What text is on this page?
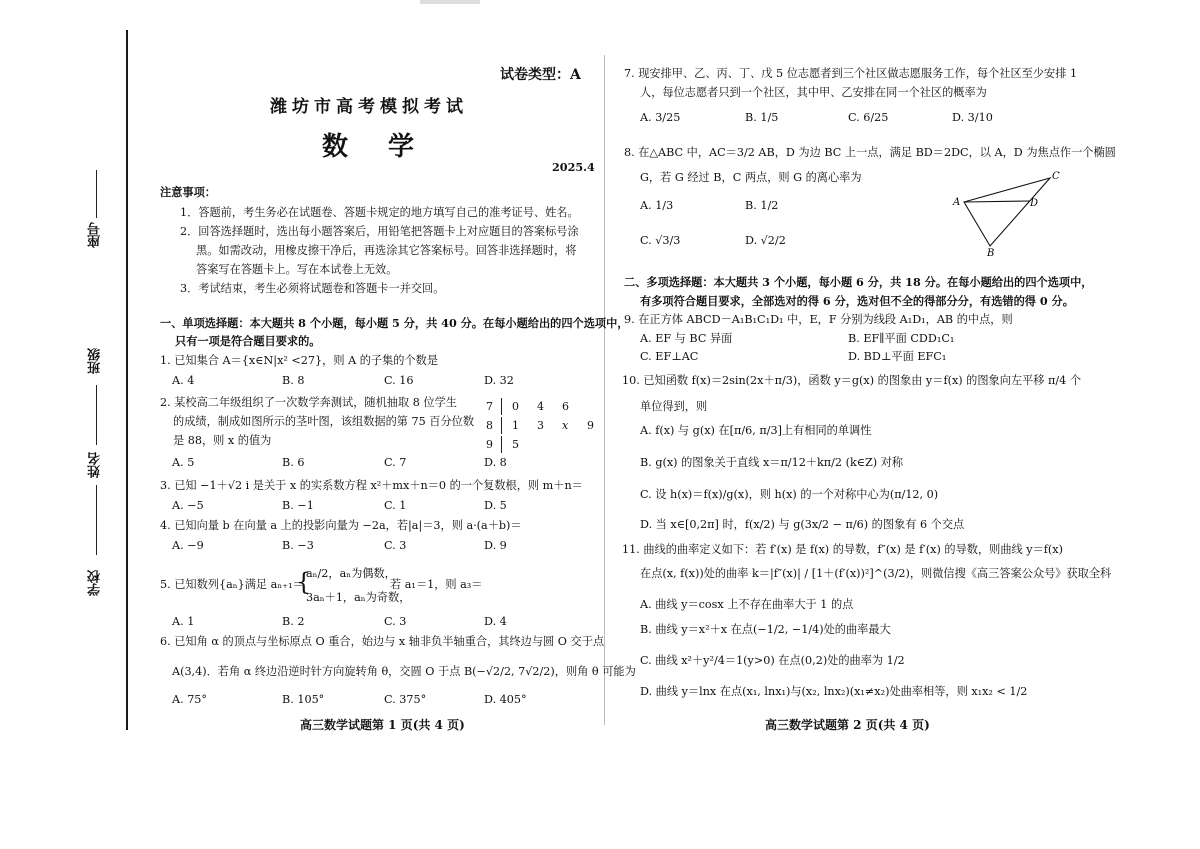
座号
班级
姓名
学校
试卷类型：A
潍坊市高考模拟考试
数学
2025.4
注意事项：
1．答题前，考生务必在试题卷、答题卡规定的地方填写自己的准考证号、姓名。
2．回答选择题时，选出每小题答案后，用铅笔把答题卡上对应题目的答案标号涂
黑。如需改动，用橡皮擦干净后，再选涂其它答案标号。回答非选择题时，将
答案写在答题卡上。写在本试卷上无效。
3．考试结束，考生必须将试题卷和答题卡一并交回。
一、单项选择题：本大题共 8 个小题，每小题 5 分，共 40 分。在每小题给出的四个选项中，
只有一项是符合题目要求的。
1. 已知集合 A＝{x∈N|x² <27}，则 A 的子集的个数是
A. 4	B. 8	C. 16	D. 32
2. 某校高二年级组织了一次数学奔测试，随机抽取 8 位学生
的成绩，制成如图所示的茎叶图，该组数据的第 75 百分位数
是 88，则 x 的值为
7	0	4	6	
8	1	3	x	9
9	5			
A. 5	B. 6	C. 7	D. 8
3. 已知 −1＋√2 i 是关于 x 的实系数方程 x²＋mx＋n＝0 的一个复数根，则 m＋n＝
A. −5	B. −1	C. 1	D. 5
4. 已知向量 b 在向量 a 上的投影向量为 −2a，若|a|＝3，则 a·(a＋b)＝
A. −9	B. −3	C. 3	D. 9
5. 已知数列{aₙ}满足 aₙ₊₁＝
{
aₙ/2，aₙ为偶数，
3aₙ＋1，aₙ为奇数，
若 a₁＝1，则 a₃＝
A. 1	B. 2	C. 3	D. 4
6. 已知角 α 的顶点与坐标原点 O 重合，始边与 x 轴非负半轴重合，其终边与圆 O 交于点
A(3,4)．若角 α 终边沿逆时针方向旋转角 θ，交圆 O 于点 B(−√2/2, 7√2/2)，则角 θ 可能为
A. 75°	B. 105°	C. 375°	D. 405°
高三数学试题第 1 页(共 4 页)
7. 现安排甲、乙、丙、丁、戊 5 位志愿者到三个社区做志愿服务工作，每个社区至少安排 1
人，每位志愿者只到一个社区，其中甲、乙安排在同一个社区的概率为
A. 3/25	B. 1/5	C. 6/25	D. 3/10
8. 在△ABC 中，AC＝3/2 AB，D 为边 BC 上一点，满足 BD＝2DC，以 A，D 为焦点作一个椭圆
G，若 G 经过 B，C 两点，则 G 的离心率为
A. 1/3	B. 1/2
C. √3/3	D. √2/2
A
B
C
D
二、多项选择题：本大题共 3 个小题，每小题 6 分，共 18 分。在每小题给出的四个选项中，
有多项符合题目要求，全部选对的得 6 分，选对但不全的得部分分，有选错的得 0 分。
9. 在正方体 ABCD－A₁B₁C₁D₁ 中，E，F 分别为线段 A₁D₁，AB 的中点，则
A. EF 与 BC 异面	B. EF∥平面 CDD₁C₁
C. EF⊥AC	D. BD⊥平面 EFC₁
10. 已知函数 f(x)＝2sin(2x＋π/3)，函数 y＝g(x) 的图象由 y＝f(x) 的图象向左平移 π/4 个
单位得到，则
A. f(x) 与 g(x) 在[π/6, π/3]上有相同的单调性
B. g(x) 的图象关于直线 x＝π/12＋kπ/2 (k∈Z) 对称
C. 设 h(x)＝f(x)/g(x)，则 h(x) 的一个对称中心为(π/12, 0)
D. 当 x∈[0,2π] 时，f(x/2) 与 g(3x/2 − π/6) 的图象有 6 个交点
11. 曲线的曲率定义如下：若 f′(x) 是 f(x) 的导数，f″(x) 是 f′(x) 的导数，则曲线 y＝f(x)
在点(x, f(x))处的曲率 k＝|f″(x)| / [1＋(f′(x))²]^(3/2)，则微信搜《高三答案公众号》获取全科
A. 曲线 y＝cosx 上不存在曲率大于 1 的点
B. 曲线 y＝x²＋x 在点(−1/2, −1/4)处的曲率最大
C. 曲线 x²＋y²/4＝1(y>0) 在点(0,2)处的曲率为 1/2
D. 曲线 y＝lnx 在点(x₁, lnx₁)与(x₂, lnx₂)(x₁≠x₂)处曲率相等，则 x₁x₂ < 1/2
高三数学试题第 2 页(共 4 页)
